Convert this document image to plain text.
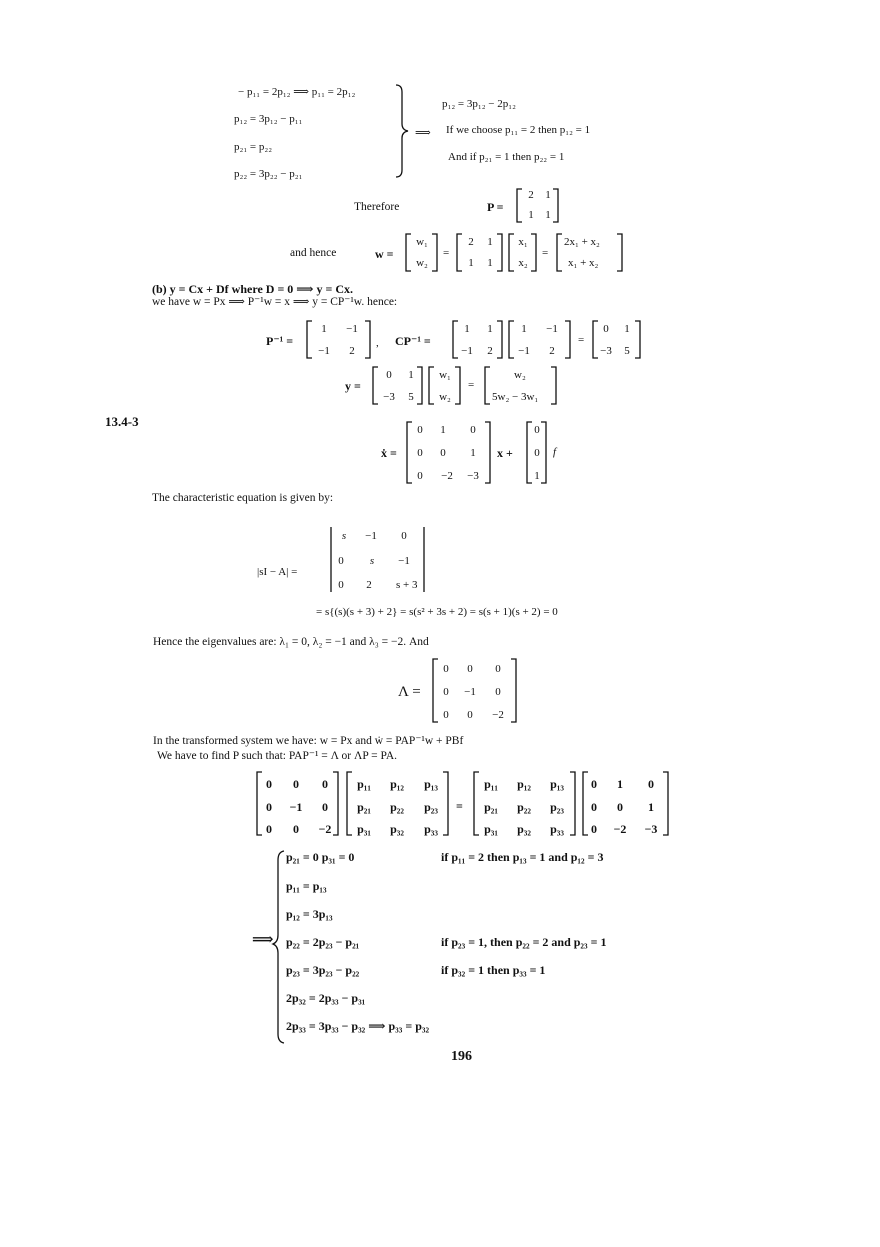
− p₁₁ = 2p₁₂ ⟹ p₁₁ = 2p₁₂
p₁₂ = 3p₁₂ − p₁₁
p₂₁ = p₂₂
p₂₂ = 3p₂₂ − p₂₁
⟹
p₁₂ = 3p₁₂ − 2p₁₂
If we choose p₁₁ = 2 then p₁₂ = 1
And if p₂₁ = 1 then p₂₂ = 1
Therefore	P =
2	1
1	1
and hence	w =
w₁
w₂
=
2	1
1	1
x₁
x₂
=
2x₁ + x₂
x₁ + x₂
(b) y = Cx + Df where D = 0 ⟹ y = Cx.
we have w = Px ⟹ P⁻¹w = x ⟹ y = CP⁻¹w. hence:
P⁻¹ =
1	−1
−1	2
, CP⁻¹ =
1	1
−1	2
1	−1
−1	2
=
0	1
−3	5
y =
0	1
−3	5
w₁
w₂
=
w₂
5w₂ − 3w₁
13.4-3
ẋ =
0	1	0
0	0	1
0	−2	−3
x +
0
0
1
f
The characteristic equation is given by:
|sI − A| =
s	−1	0
0	s	−1
0	2	s + 3
= s{(s)(s + 3) + 2} = s(s² + 3s + 2) = s(s + 1)(s + 2) = 0
Hence the eigenvalues are: λ₁ = 0, λ₂ = −1 and λ₃ = −2. And
Λ =
0	0	0
0	−1	0
0	0	−2
In the transformed system we have: w = Px and ẇ = PAP⁻¹w + PBf
We have to find P such that: PAP⁻¹ = Λ or ΛP = PA.
0	0	0
0	−1	0
0	0	−2
p₁₁	p₁₂	p₁₃
p₂₁	p₂₂	p₂₃
p₃₁	p₃₂	p₃₃
=
p₁₁	p₁₂	p₁₃
p₂₁	p₂₂	p₂₃
p₃₁	p₃₂	p₃₃
0	1	0
0	0	1
0	−2	−3
⟹
p₂₁ = 0 p₃₁ = 0
p₁₁ = p₁₃
p₁₂ = 3p₁₃
p₂₂ = 2p₂₃ − p₂₁
p₂₃ = 3p₂₃ − p₂₂
2p₃₂ = 2p₃₃ − p₃₁
2p₃₃ = 3p₃₃ − p₃₂ ⟹ p₃₃ = p₃₂
if p₁₁ = 2 then p₁₃ = 1 and p₁₂ = 3
if p₂₃ = 1, then p₂₂ = 2 and p₂₃ = 1
if p₃₂ = 1 then p₃₃ = 1
196
